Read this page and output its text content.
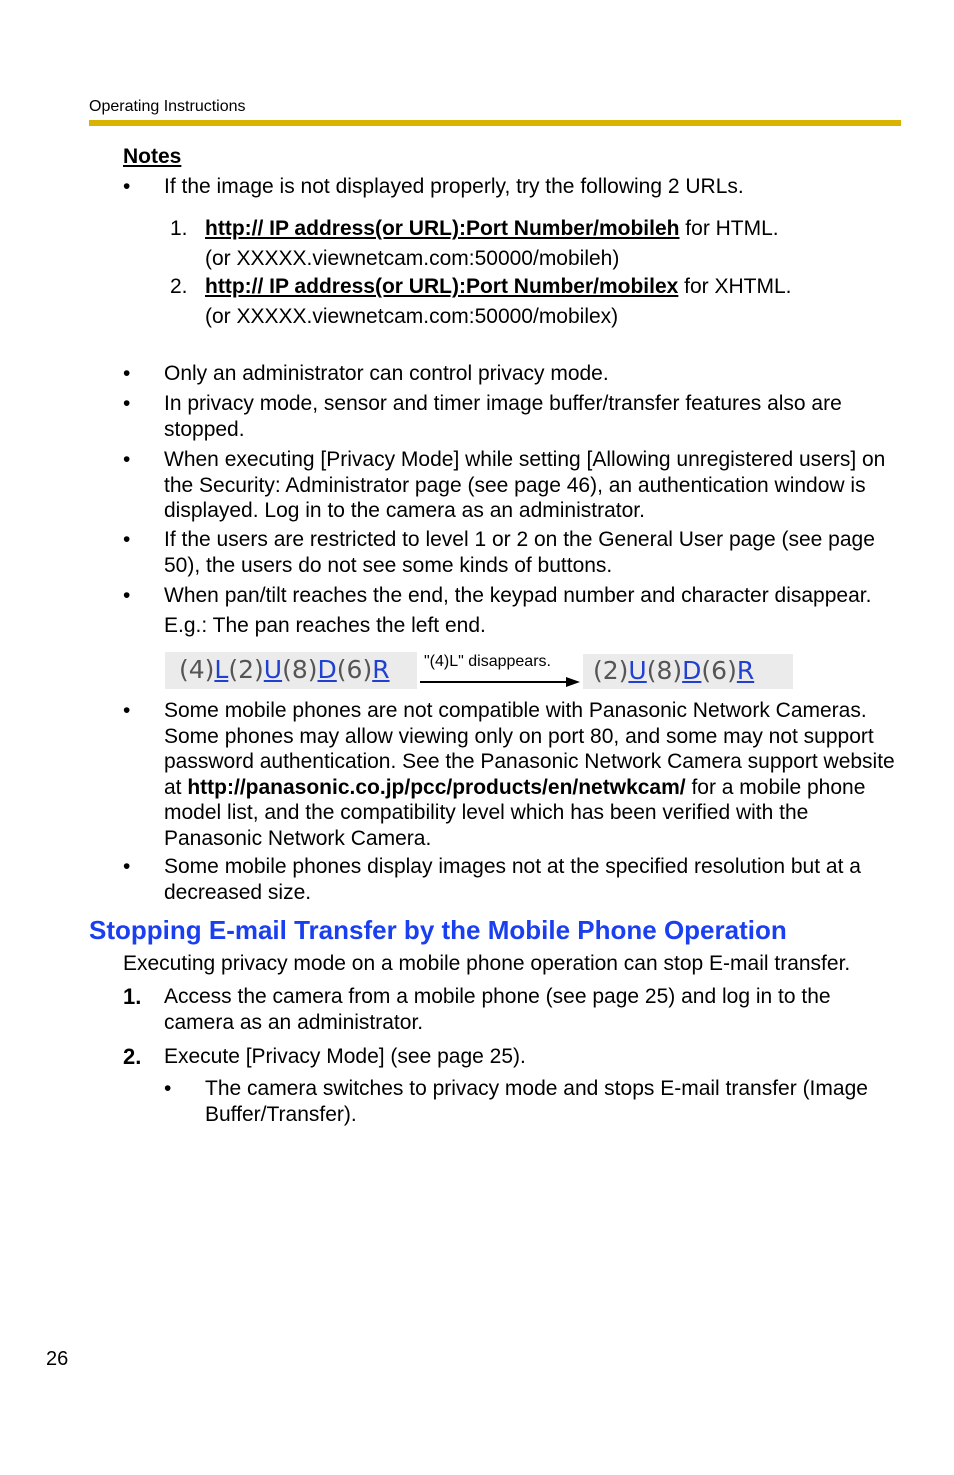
Operating Instructions
Notes
• If the image is not displayed properly, try the following 2 URLs.
1. http:// IP address(or URL):Port Number/mobileh for HTML.
(or XXXXX.viewnetcam.com:50000/mobileh)
2. http:// IP address(or URL):Port Number/mobilex for XHTML.
(or XXXXX.viewnetcam.com:50000/mobilex)
• Only an administrator can control privacy mode.
• In privacy mode, sensor and timer image buffer/transfer features also are stopped.
• When executing [Privacy Mode] while setting [Allowing unregistered users] on the Security: Administrator page (see page 46), an authentication window is displayed. Log in to the camera as an administrator.
• If the users are restricted to level 1 or 2 on the General User page (see page 50), the users do not see some kinds of buttons.
• When pan/tilt reaches the end, the keypad number and character disappear.
E.g.: The pan reaches the left end.
(4)L(2)U(8)D(6)R	"(4)L" disappears.	(2)U(8)D(6)R
• Some mobile phones are not compatible with Panasonic Network Cameras. Some phones may allow viewing only on port 80, and some may not support password authentication. See the Panasonic Network Camera support website at http://panasonic.co.jp/pcc/products/en/netwkcam/ for a mobile phone model list, and the compatibility level which has been verified with the Panasonic Network Camera.
• Some mobile phones display images not at the specified resolution but at a decreased size.
Stopping E-mail Transfer by the Mobile Phone Operation
Executing privacy mode on a mobile phone operation can stop E-mail transfer.
1. Access the camera from a mobile phone (see page 25) and log in to the camera as an administrator.
2. Execute [Privacy Mode] (see page 25).
• The camera switches to privacy mode and stops E-mail transfer (Image Buffer/Transfer).
26
